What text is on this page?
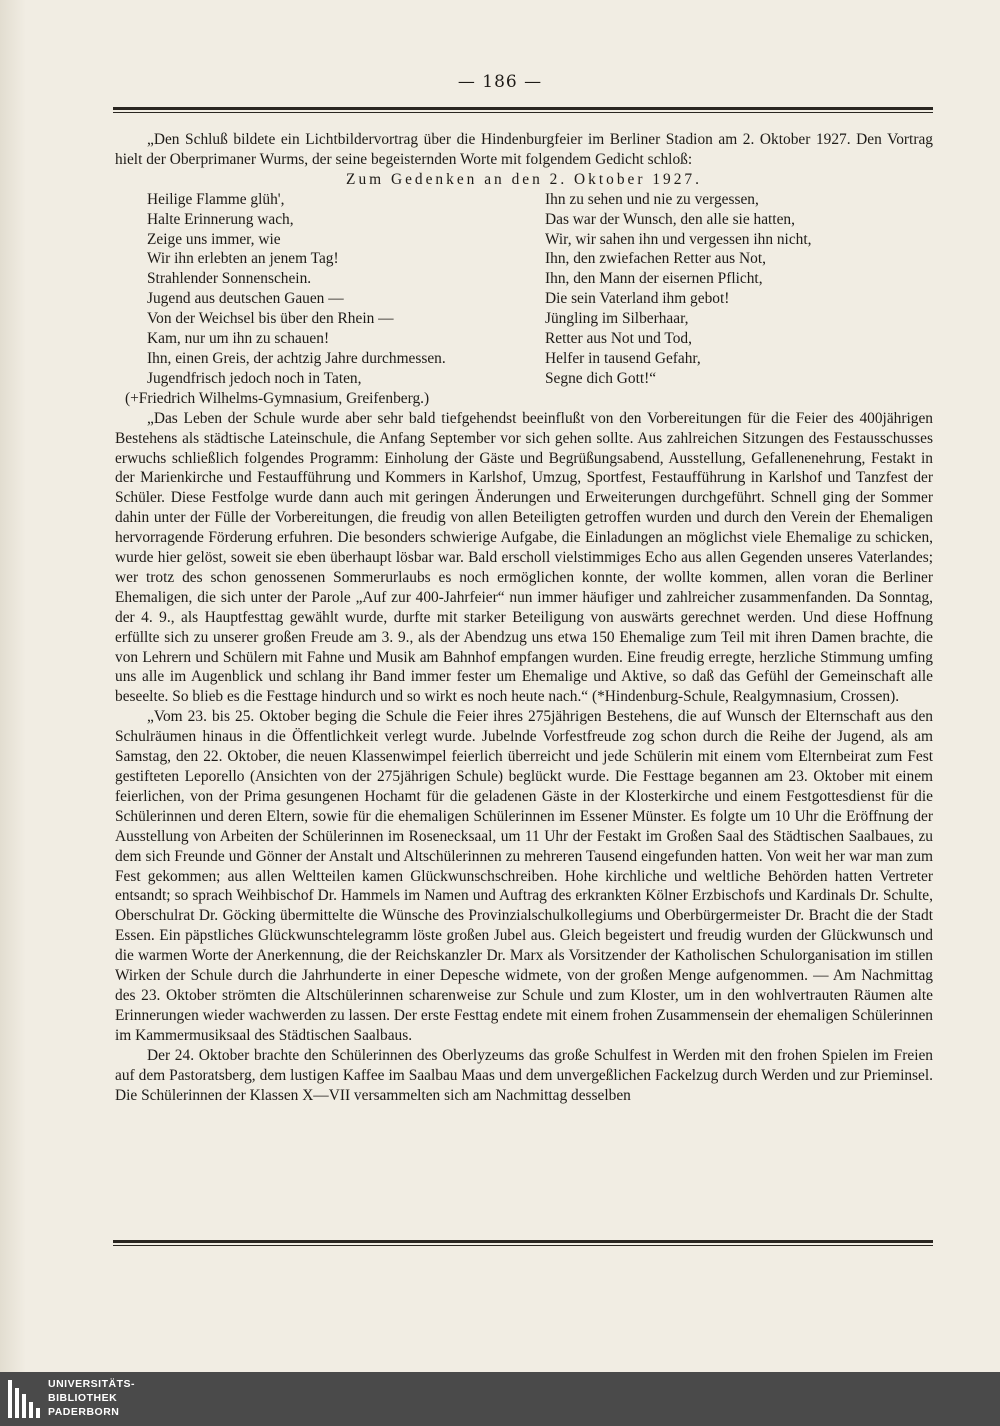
— 186 —

„Den Schluß bildete ein Lichtbildervortrag über die Hindenburgfeier im Berliner Stadion am 2. Oktober 1927. Den Vortrag hielt der Oberprimaner Wurms, der seine begeisternden Worte mit folgendem Gedicht schloß:

Zum Gedenken an den 2. Oktober 1927.
Heilige Flamme glüh',
Halte Erinnerung wach,
Zeige uns immer, wie
Wir ihn erlebten an jenem Tag!
Strahlender Sonnenschein.
Jugend aus deutschen Gauen —
Von der Weichsel bis über den Rhein —
Kam, nur um ihn zu schauen!
Ihn, einen Greis, der achtzig Jahre durchmessen.
Jugendfrisch jedoch noch in Taten,
Ihn zu sehen und nie zu vergessen,
Das war der Wunsch, den alle sie hatten,
Wir, wir sahen ihn und vergessen ihn nicht,
Ihn, den zwiefachen Retter aus Not,
Ihn, den Mann der eisernen Pflicht,
Die sein Vaterland ihm gebot!
Jüngling im Silberhaar,
Retter aus Not und Tod,
Helfer in tausend Gefahr,
Segne dich Gott!“
(+Friedrich Wilhelms-Gymnasium, Greifenberg.)

„Das Leben der Schule wurde aber sehr bald tiefgehendst beeinflußt von den Vorbereitungen für die Feier des 400jährigen Bestehens als städtische Lateinschule, die Anfang September vor sich gehen sollte. Aus zahlreichen Sitzungen des Festausschusses erwuchs schließlich folgendes Programm: Einholung der Gäste und Begrüßungsabend, Ausstellung, Gefallenenehrung, Festakt in der Marienkirche und Festaufführung und Kommers in Karlshof, Umzug, Sportfest, Festaufführung in Karlshof und Tanzfest der Schüler. Diese Festfolge wurde dann auch mit geringen Änderungen und Erweiterungen durchgeführt. Schnell ging der Sommer dahin unter der Fülle der Vorbereitungen, die freudig von allen Beteiligten getroffen wurden und durch den Verein der Ehemaligen hervorragende Förderung erfuhren. Die besonders schwierige Aufgabe, die Einladungen an möglichst viele Ehemalige zu schicken, wurde hier gelöst, soweit sie eben überhaupt lösbar war. Bald erscholl vielstimmiges Echo aus allen Gegenden unseres Vaterlandes; wer trotz des schon genossenen Sommerurlaubs es noch ermöglichen konnte, der wollte kommen, allen voran die Berliner Ehemaligen, die sich unter der Parole „Auf zur 400-Jahrfeier“ nun immer häufiger und zahlreicher zusammenfanden. Da Sonntag, der 4. 9., als Hauptfesttag gewählt wurde, durfte mit starker Beteiligung von auswärts gerechnet werden. Und diese Hoffnung erfüllte sich zu unserer großen Freude am 3. 9., als der Abendzug uns etwa 150 Ehemalige zum Teil mit ihren Damen brachte, die von Lehrern und Schülern mit Fahne und Musik am Bahnhof empfangen wurden. Eine freudig erregte, herzliche Stimmung umfing uns alle im Augenblick und schlang ihr Band immer fester um Ehemalige und Aktive, so daß das Gefühl der Gemeinschaft alle beseelte. So blieb es die Festtage hindurch und so wirkt es noch heute nach.“ (*Hindenburg-Schule, Realgymnasium, Crossen).

„Vom 23. bis 25. Oktober beging die Schule die Feier ihres 275jährigen Bestehens, die auf Wunsch der Elternschaft aus den Schulräumen hinaus in die Öffentlichkeit verlegt wurde. Jubelnde Vorfestfreude zog schon durch die Reihe der Jugend, als am Samstag, den 22. Oktober, die neuen Klassenwimpel feierlich überreicht und jede Schülerin mit einem vom Elternbeirat zum Fest gestifteten Leporello (Ansichten von der 275jährigen Schule) beglückt wurde. Die Festtage begannen am 23. Oktober mit einem feierlichen, von der Prima gesungenen Hochamt für die geladenen Gäste in der Klosterkirche und einem Festgottesdienst für die Schülerinnen und deren Eltern, sowie für die ehemaligen Schülerinnen im Essener Münster. Es folgte um 10 Uhr die Eröffnung der Ausstellung von Arbeiten der Schülerinnen im Rosenecksaal, um 11 Uhr der Festakt im Großen Saal des Städtischen Saalbaues, zu dem sich Freunde und Gönner der Anstalt und Altschülerinnen zu mehreren Tausend eingefunden hatten. Von weit her war man zum Fest gekommen; aus allen Weltteilen kamen Glückwunschschreiben. Hohe kirchliche und weltliche Behörden hatten Vertreter entsandt; so sprach Weihbischof Dr. Hammels im Namen und Auftrag des erkrankten Kölner Erzbischofs und Kardinals Dr. Schulte, Oberschulrat Dr. Göcking übermittelte die Wünsche des Provinzialschulkollegiums und Oberbürgermeister Dr. Bracht die der Stadt Essen. Ein päpstliches Glückwunschtelegramm löste großen Jubel aus. Gleich begeistert und freudig wurden der Glückwunsch und die warmen Worte der Anerkennung, die der Reichskanzler Dr. Marx als Vorsitzender der Katholischen Schulorganisation im stillen Wirken der Schule durch die Jahrhunderte in einer Depesche widmete, von der großen Menge aufgenommen. — Am Nachmittag des 23. Oktober strömten die Altschülerinnen scharenweise zur Schule und zum Kloster, um in den wohlvertrauten Räumen alte Erinnerungen wieder wachwerden zu lassen. Der erste Festtag endete mit einem frohen Zusammensein der ehemaligen Schülerinnen im Kammermusiksaal des Städtischen Saalbaus.

Der 24. Oktober brachte den Schülerinnen des Oberlyzeums das große Schulfest in Werden mit den frohen Spielen im Freien auf dem Pastoratsberg, dem lustigen Kaffee im Saalbau Maas und dem unvergeßlichen Fackelzug durch Werden und zur Prieminsel. Die Schülerinnen der Klassen X—VII versammelten sich am Nachmittag desselben

UNIVERSITÄTS-
BIBLIOTHEK
PADERBORN
